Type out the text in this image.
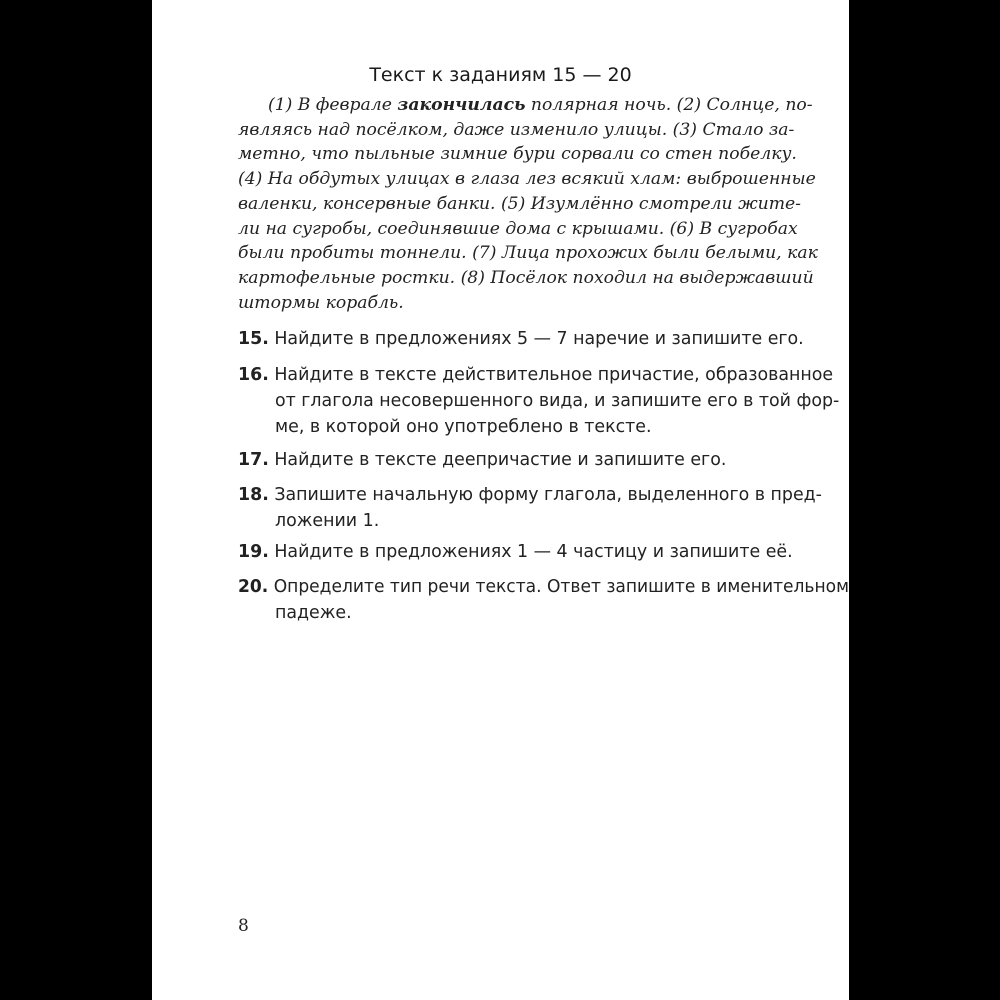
Текст к заданиям 15 — 20
(1) В феврале закончилась полярная ночь. (2) Солнце, по-
являясь над посёлком, даже изменило улицы. (3) Стало за-
метно, что пыльные зимние бури сорвали со стен побелку.
(4) На обдутых улицах в глаза лез всякий хлам: выброшенные
валенки, консервные банки. (5) Изумлённо смотрели жите-
ли на сугробы, соединявшие дома с крышами. (6) В сугробах
были пробиты тоннели. (7) Лица прохожих были белыми, как
картофельные ростки. (8) Посёлок походил на выдержавший
штормы корабль.
15. Найдите в предложениях 5 — 7 наречие и запишите его.
16. Найдите в тексте действительное причастие, образованное
от глагола несовершенного вида, и запишите его в той фор-
ме, в которой оно употреблено в тексте.
17. Найдите в тексте деепричастие и запишите его.
18. Запишите начальную форму глагола, выделенного в пред-
ложении 1.
19. Найдите в предложениях 1 — 4 частицу и запишите её.
20. Определите тип речи текста. Ответ запишите в именительном
падеже.
8
